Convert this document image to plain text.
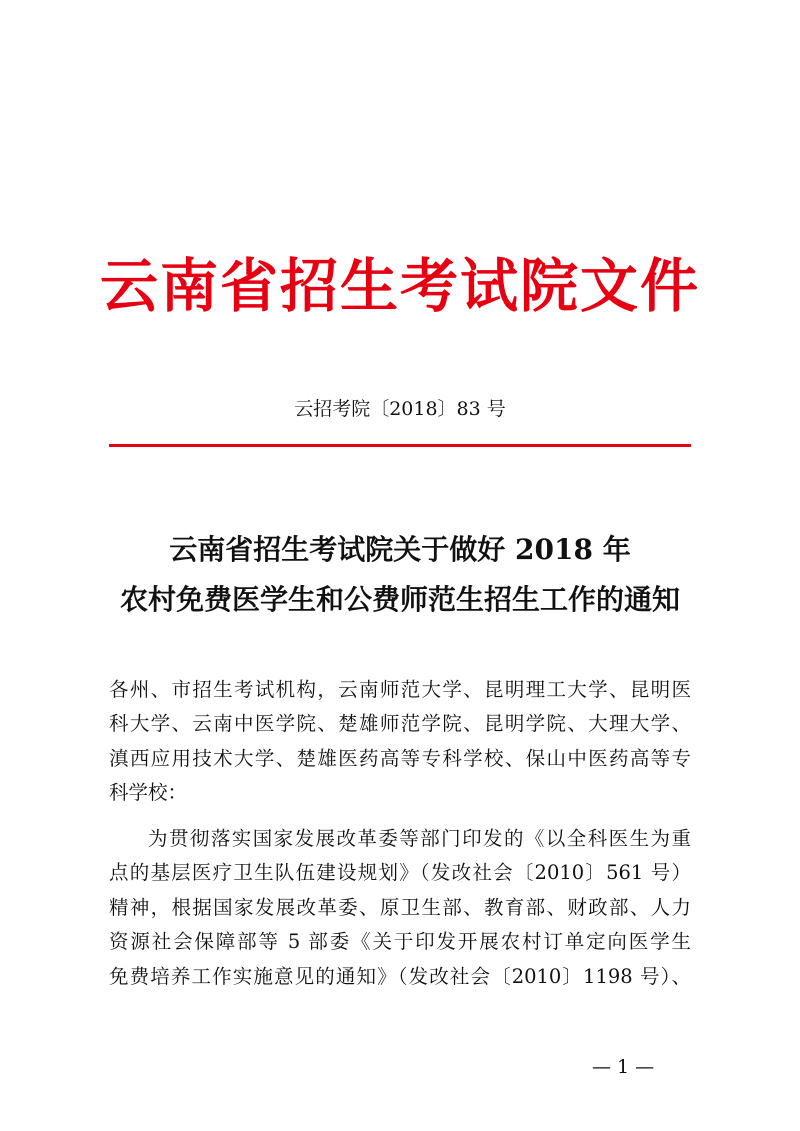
云南省招生考试院文件
云招考院〔2018〕83 号
云南省招生考试院关于做好 2018 年
农村免费医学生和公费师范生招生工作的通知
各州、市招生考试机构，云南师范大学、昆明理工大学、昆明医
科大学、云南中医学院、楚雄师范学院、昆明学院、大理大学、
滇西应用技术大学、楚雄医药高等专科学校、保山中医药高等专
科学校：
为贯彻落实国家发展改革委等部门印发的《以全科医生为重
点的基层医疗卫生队伍建设规划》（发改社会〔2010〕561 号）
精神，根据国家发展改革委、原卫生部、教育部、财政部、人力
资源社会保障部等 5 部委《关于印发开展农村订单定向医学生
免费培养工作实施意见的通知》（发改社会〔2010〕1198 号）、
— 1 —
